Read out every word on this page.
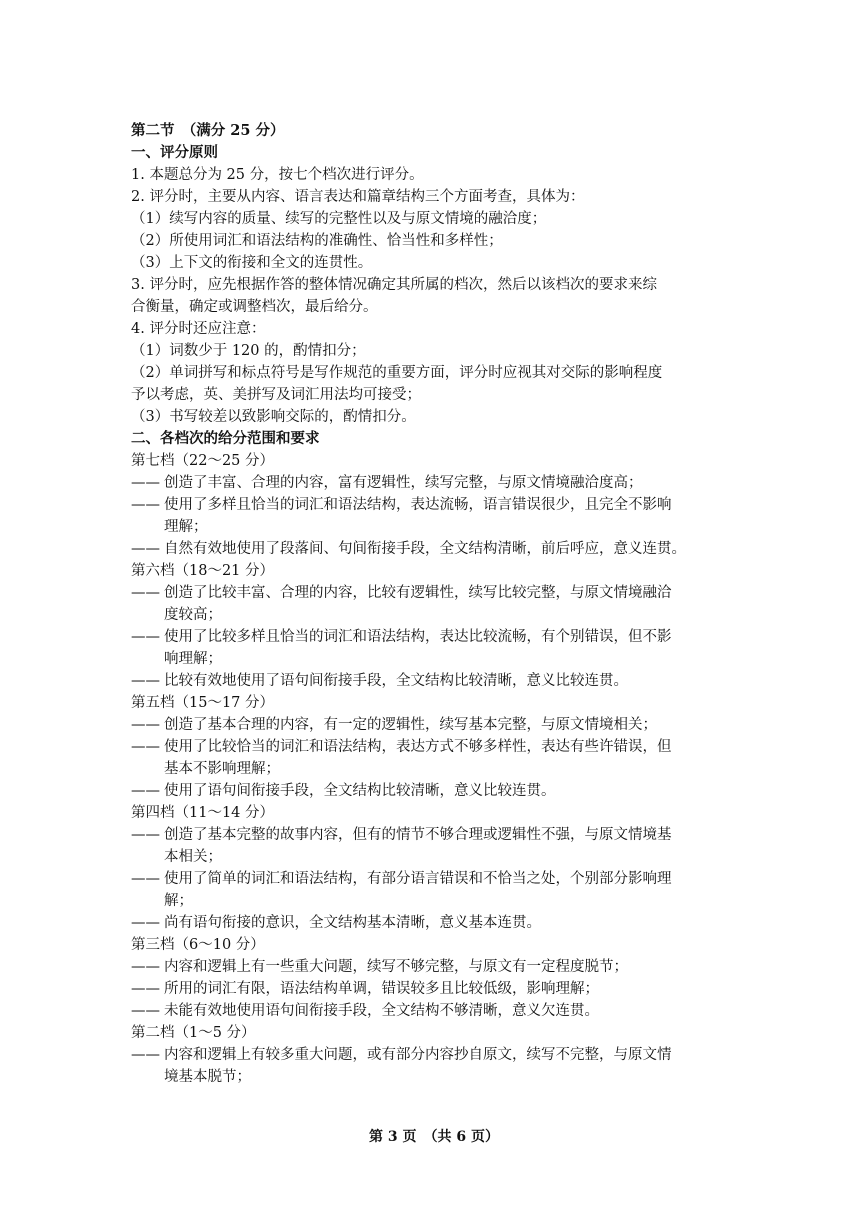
第二节　（满分 25 分）
一、评分原则
1. 本题总分为 25 分，按七个档次进行评分。
2. 评分时，主要从内容、语言表达和篇章结构三个方面考查，具体为：
（1）续写内容的质量、续写的完整性以及与原文情境的融洽度；
（2）所使用词汇和语法结构的准确性、恰当性和多样性；
（3）上下文的衔接和全文的连贯性。
3. 评分时，应先根据作答的整体情况确定其所属的档次，然后以该档次的要求来综
合衡量，确定或调整档次，最后给分。
4. 评分时还应注意：
（1）词数少于 120 的，酌情扣分；
（2）单词拼写和标点符号是写作规范的重要方面，评分时应视其对交际的影响程度
予以考虑，英、美拼写及词汇用法均可接受；
（3）书写较差以致影响交际的，酌情扣分。
二、各档次的给分范围和要求
第七档（22～25 分）
—— 创造了丰富、合理的内容，富有逻辑性，续写完整，与原文情境融洽度高；
—— 使用了多样且恰当的词汇和语法结构，表达流畅，语言错误很少，且完全不影响
理解；
—— 自然有效地使用了段落间、句间衔接手段，全文结构清晰，前后呼应，意义连贯。
第六档（18～21 分）
—— 创造了比较丰富、合理的内容，比较有逻辑性，续写比较完整，与原文情境融洽
度较高；
—— 使用了比较多样且恰当的词汇和语法结构，表达比较流畅，有个别错误，但不影
响理解；
—— 比较有效地使用了语句间衔接手段，全文结构比较清晰，意义比较连贯。
第五档（15～17 分）
—— 创造了基本合理的内容，有一定的逻辑性，续写基本完整，与原文情境相关；
—— 使用了比较恰当的词汇和语法结构，表达方式不够多样性，表达有些许错误，但
基本不影响理解；
—— 使用了语句间衔接手段，全文结构比较清晰，意义比较连贯。
第四档（11～14 分）
—— 创造了基本完整的故事内容，但有的情节不够合理或逻辑性不强，与原文情境基
本相关；
—— 使用了简单的词汇和语法结构，有部分语言错误和不恰当之处，个别部分影响理
解；
—— 尚有语句衔接的意识，全文结构基本清晰，意义基本连贯。
第三档（6～10 分）
—— 内容和逻辑上有一些重大问题，续写不够完整，与原文有一定程度脱节；
—— 所用的词汇有限，语法结构单调，错误较多且比较低级，影响理解；
—— 未能有效地使用语句间衔接手段，全文结构不够清晰，意义欠连贯。
第二档（1～5 分）
—— 内容和逻辑上有较多重大问题，或有部分内容抄自原文，续写不完整，与原文情
境基本脱节；
第 3 页　（共 6 页）
